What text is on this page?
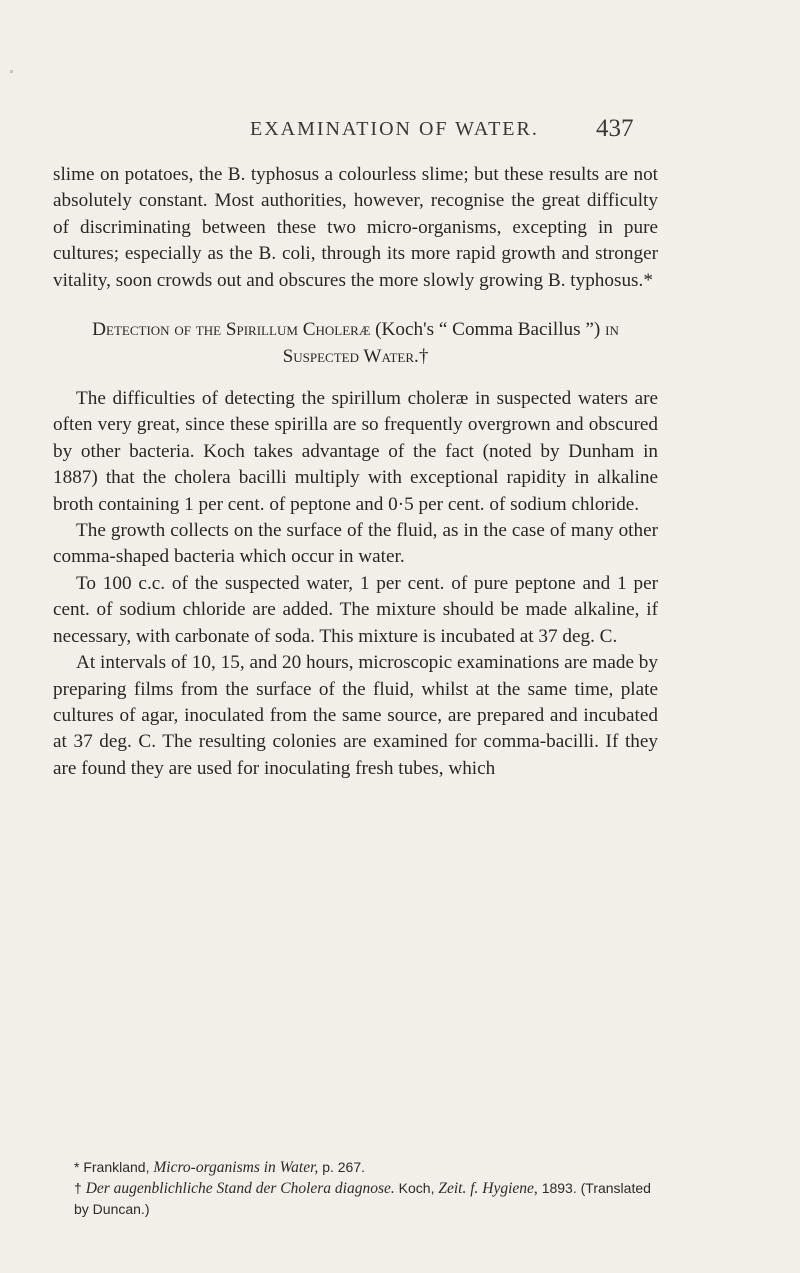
EXAMINATION OF WATER. 437

slime on potatoes, the B. typhosus a colourless slime; but these results are not absolutely constant. Most authorities, however, recognise the great difficulty of discriminating between these two micro-organisms, excepting in pure cultures; especially as the B. coli, through its more rapid growth and stronger vitality, soon crowds out and obscures the more slowly growing B. typhosus.*

Detection of the Spirillum Choleræ (Koch's “ Comma Bacillus ”) in Suspected Water.†

The difficulties of detecting the spirillum choleræ in suspected waters are often very great, since these spirilla are so frequently overgrown and obscured by other bacteria. Koch takes advantage of the fact (noted by Dunham in 1887) that the cholera bacilli multiply with exceptional rapidity in alkaline broth containing 1 per cent. of peptone and 0·5 per cent. of sodium chloride.

The growth collects on the surface of the fluid, as in the case of many other comma-shaped bacteria which occur in water.

To 100 c.c. of the suspected water, 1 per cent. of pure peptone and 1 per cent. of sodium chloride are added. The mixture should be made alkaline, if necessary, with carbonate of soda. This mixture is incubated at 37 deg. C.

At intervals of 10, 15, and 20 hours, microscopic examinations are made by preparing films from the surface of the fluid, whilst at the same time, plate cultures of agar, inoculated from the same source, are prepared and incubated at 37 deg. C. The resulting colonies are examined for comma-bacilli. If they are found they are used for inoculating fresh tubes, which

* Frankland, Micro-organisms in Water, p. 267.

† Der augenblichliche Stand der Cholera diagnose. Koch, Zeit. f. Hygiene, 1893. (Translated by Duncan.)
